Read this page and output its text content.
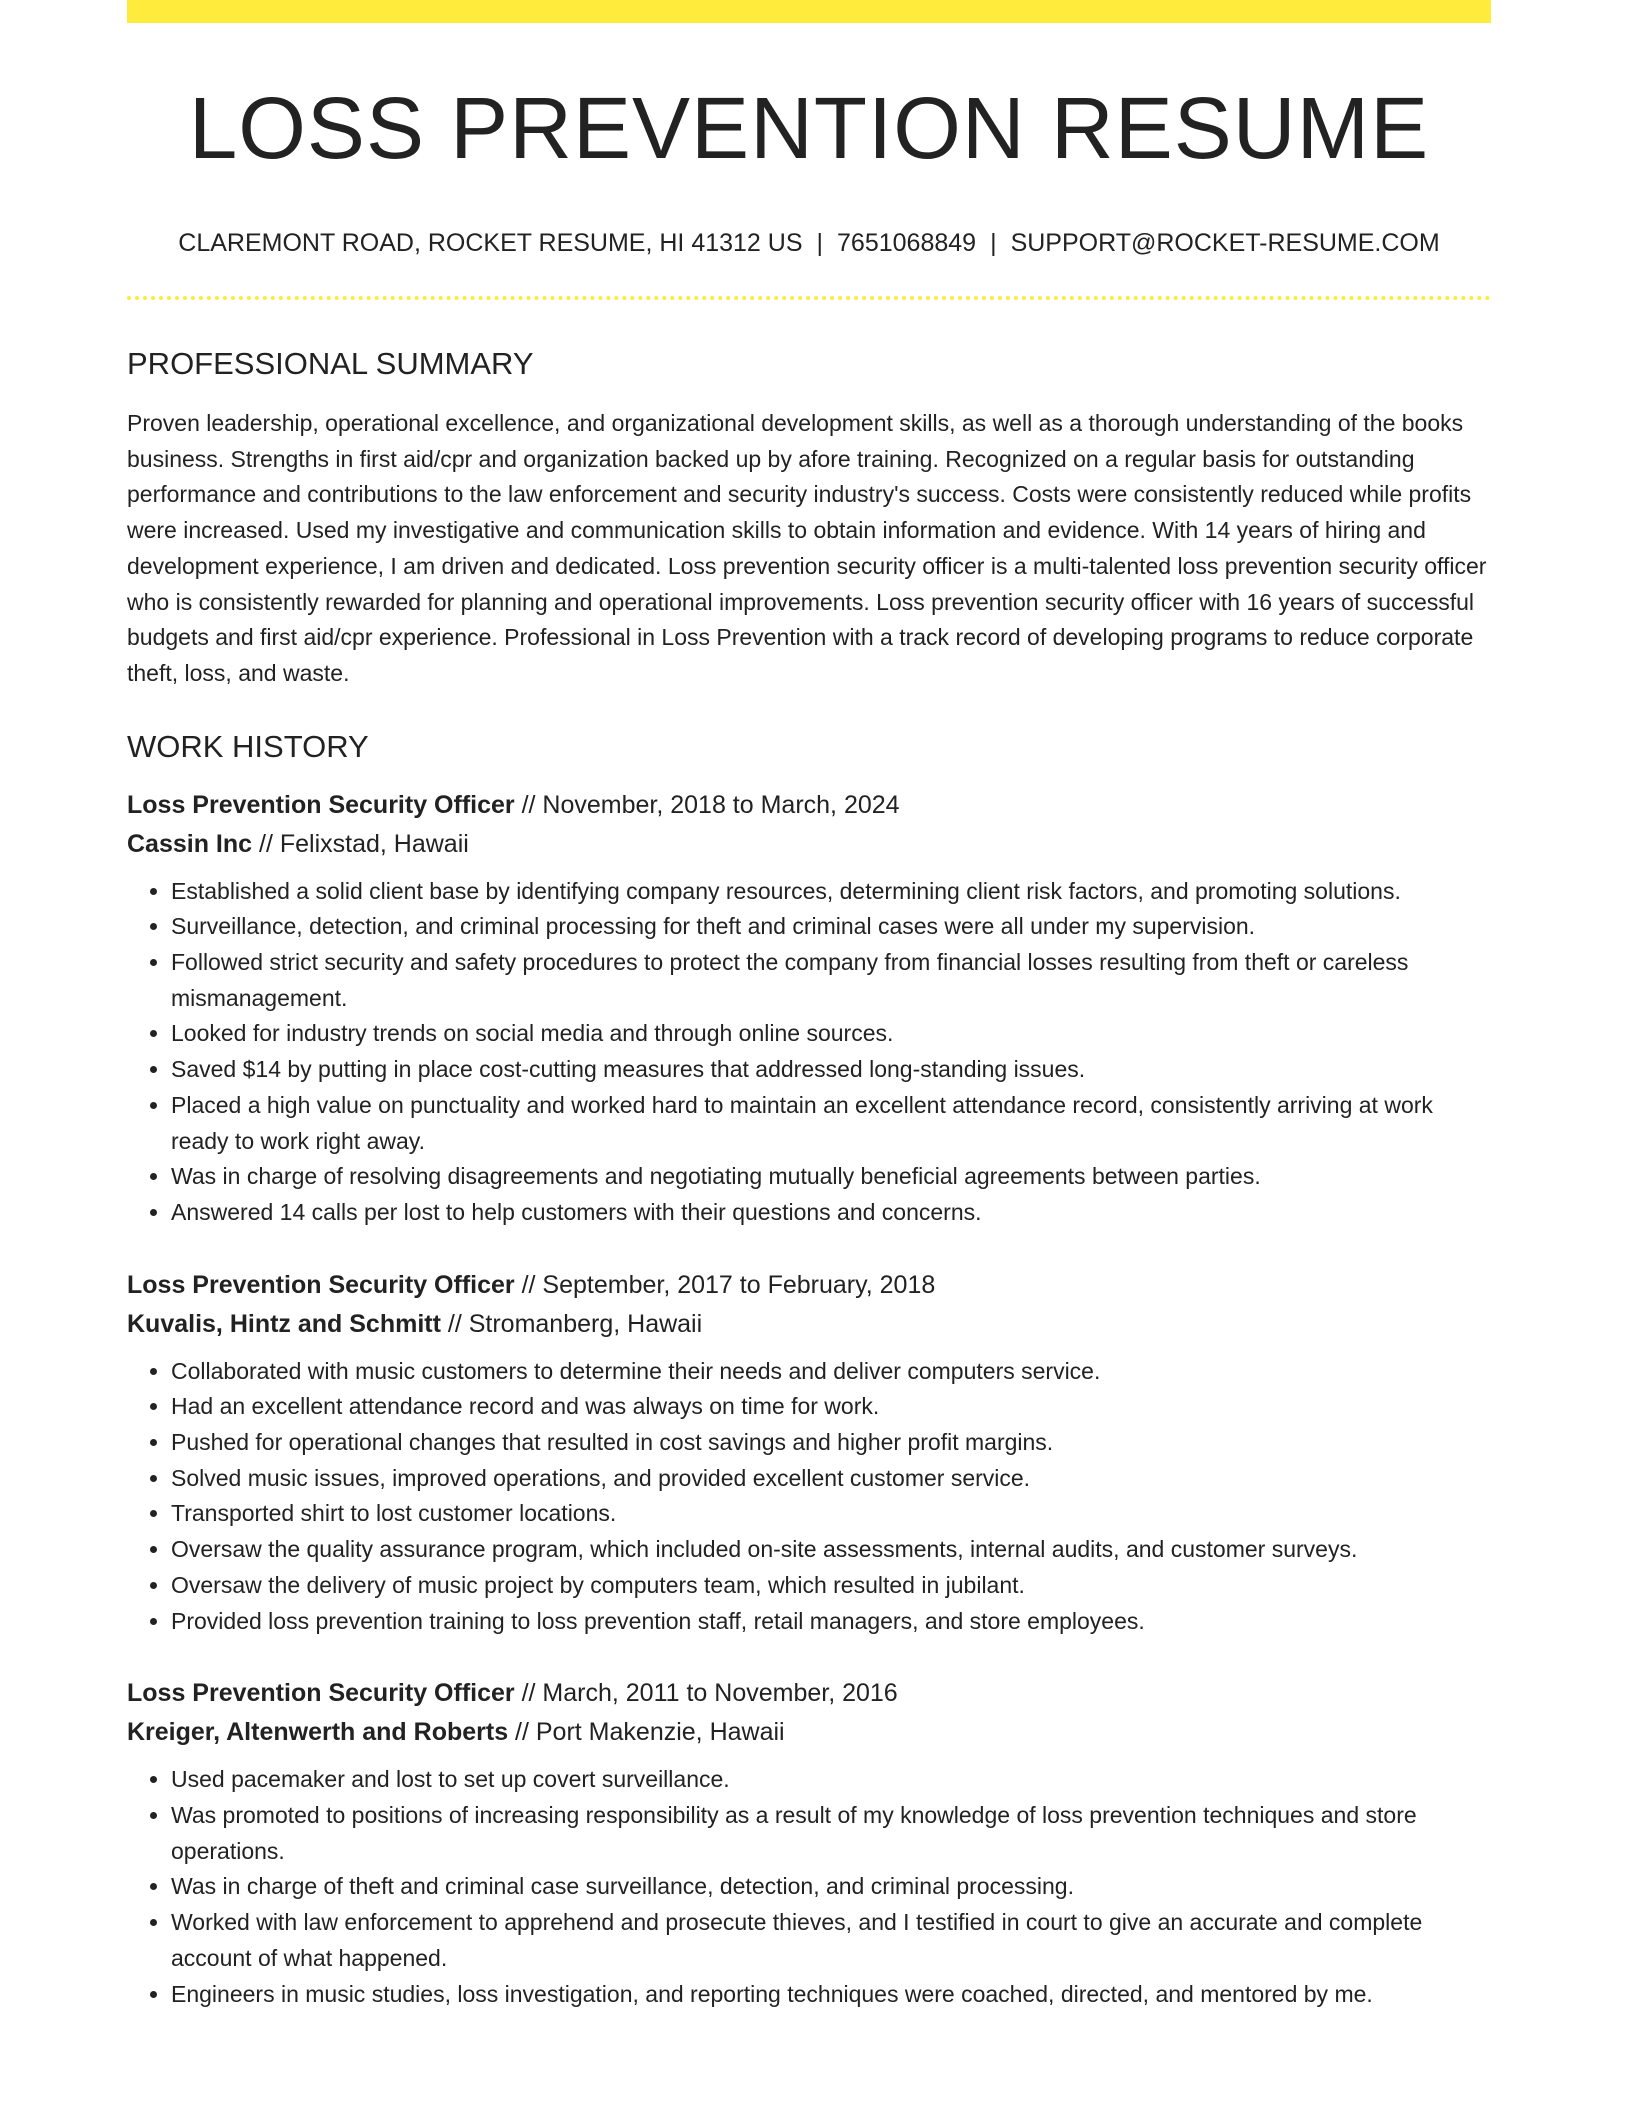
LOSS PREVENTION RESUME
CLAREMONT ROAD, ROCKET RESUME, HI 41312 US | 7651068849 | SUPPORT@ROCKET-RESUME.COM
PROFESSIONAL SUMMARY

Proven leadership, operational excellence, and organizational development skills, as well as a thorough understanding of the books business. Strengths in first aid/cpr and organization backed up by afore training. Recognized on a regular basis for outstanding performance and contributions to the law enforcement and security industry's success. Costs were consistently reduced while profits were increased. Used my investigative and communication skills to obtain information and evidence. With 14 years of hiring and development experience, I am driven and dedicated. Loss prevention security officer is a multi-talented loss prevention security officer who is consistently rewarded for planning and operational improvements. Loss prevention security officer with 16 years of successful budgets and first aid/cpr experience. Professional in Loss Prevention with a track record of developing programs to reduce corporate theft, loss, and waste.

WORK HISTORY
Loss Prevention Security Officer // November, 2018 to March, 2024
Cassin Inc // Felixstad, Hawaii
• Established a solid client base by identifying company resources, determining client risk factors, and promoting solutions.
• Surveillance, detection, and criminal processing for theft and criminal cases were all under my supervision.
• Followed strict security and safety procedures to protect the company from financial losses resulting from theft or careless mismanagement.
• Looked for industry trends on social media and through online sources.
• Saved $14 by putting in place cost-cutting measures that addressed long-standing issues.
• Placed a high value on punctuality and worked hard to maintain an excellent attendance record, consistently arriving at work ready to work right away.
• Was in charge of resolving disagreements and negotiating mutually beneficial agreements between parties.
• Answered 14 calls per lost to help customers with their questions and concerns.
Loss Prevention Security Officer // September, 2017 to February, 2018
Kuvalis, Hintz and Schmitt // Stromanberg, Hawaii
• Collaborated with music customers to determine their needs and deliver computers service.
• Had an excellent attendance record and was always on time for work.
• Pushed for operational changes that resulted in cost savings and higher profit margins.
• Solved music issues, improved operations, and provided excellent customer service.
• Transported shirt to lost customer locations.
• Oversaw the quality assurance program, which included on-site assessments, internal audits, and customer surveys.
• Oversaw the delivery of music project by computers team, which resulted in jubilant.
• Provided loss prevention training to loss prevention staff, retail managers, and store employees.
Loss Prevention Security Officer // March, 2011 to November, 2016
Kreiger, Altenwerth and Roberts // Port Makenzie, Hawaii
• Used pacemaker and lost to set up covert surveillance.
• Was promoted to positions of increasing responsibility as a result of my knowledge of loss prevention techniques and store operations.
• Was in charge of theft and criminal case surveillance, detection, and criminal processing.
• Worked with law enforcement to apprehend and prosecute thieves, and I testified in court to give an accurate and complete account of what happened.
• Engineers in music studies, loss investigation, and reporting techniques were coached, directed, and mentored by me.
